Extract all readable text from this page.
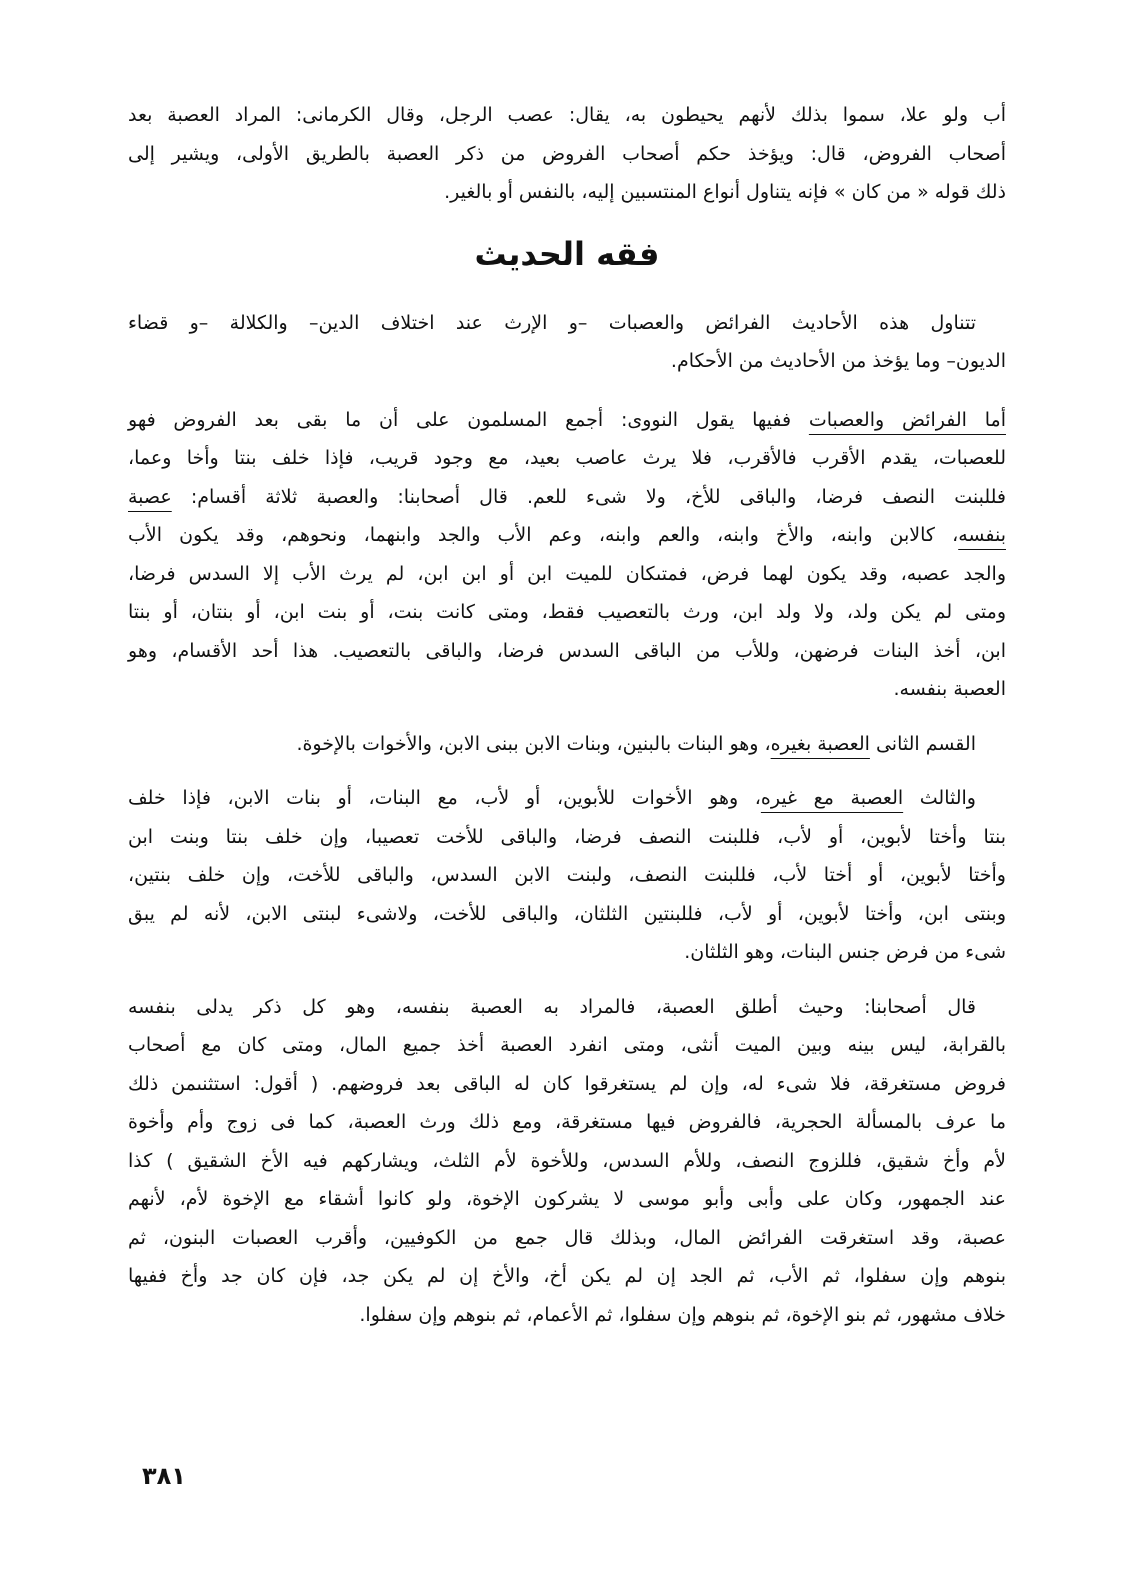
أب ولو علا، سموا بذلك لأنهم يحيطون به، يقال: عصب الرجل، وقال الكرمانى: المراد العصبة بعد
أصحاب الفروض، قال: ويؤخذ حكم أصحاب الفروض من ذكر العصبة بالطريق الأولى، ويشير إلى
ذلك قوله « من كان » فإنه يتناول أنواع المنتسبين إليه، بالنفس أو بالغير.
فقه الحديث
تتناول هذه الأحاديث الفرائض والعصبات –و الإرث عند اختلاف الدين– والكلالة –و قضاء
الديون– وما يؤخذ من الأحاديث من الأحكام.
أما الفرائض والعصبات ففيها يقول النووى: أجمع المسلمون على أن ما بقى بعد الفروض فهو
للعصبات، يقدم الأقرب فالأقرب، فلا يرث عاصب بعيد، مع وجود قريب، فإذا خلف بنتا وأخا وعما،
فللبنت النصف فرضا، والباقى للأخ، ولا شىء للعم. قال أصحابنا: والعصبة ثلاثة أقسام: عصبة
بنفسه، كالابن وابنه، والأخ وابنه، والعم وابنه، وعم الأب والجد وابنهما، ونحوهم، وقد يكون الأب
والجد عصبه، وقد يكون لهما فرض، فمتىكان للميت ابن أو ابن ابن، لم يرث الأب إلا السدس فرضا،
ومتى لم يكن ولد، ولا ولد ابن، ورث بالتعصيب فقط، ومتى كانت بنت، أو بنت ابن، أو بنتان، أو بنتا
ابن، أخذ البنات فرضهن، وللأب من الباقى السدس فرضا، والباقى بالتعصيب. هذا أحد الأقسام، وهو
العصبة بنفسه.
القسم الثانى العصبة بغيره، وهو البنات بالبنين، وبنات الابن ببنى الابن، والأخوات بالإخوة.
والثالث العصبة مع غيره، وهو الأخوات للأبوين، أو لأب، مع البنات، أو بنات الابن، فإذا خلف
بنتا وأختا لأبوين، أو لأب، فللبنت النصف فرضا، والباقى للأخت تعصيبا، وإن خلف بنتا وبنت ابن
وأختا لأبوين، أو أختا لأب، فللبنت النصف، ولبنت الابن السدس، والباقى للأخت، وإن خلف بنتين،
وبنتى ابن، وأختا لأبوين، أو لأب، فللبنتين الثلثان، والباقى للأخت، ولاشىء لبنتى الابن، لأنه لم يبق
شىء من فرض جنس البنات، وهو الثلثان.
قال أصحابنا: وحيث أطلق العصبة، فالمراد به العصبة بنفسه، وهو كل ذكر يدلى بنفسه
بالقرابة، ليس بينه وبين الميت أنثى، ومتى انفرد العصبة أخذ جميع المال، ومتى كان مع أصحاب
فروض مستغرقة، فلا شىء له، وإن لم يستغرقوا كان له الباقى بعد فروضهم. ( أقول: استثنىمن ذلك
ما عرف بالمسألة الحجرية، فالفروض فيها مستغرقة، ومع ذلك ورث العصبة، كما فى زوج وأم وأخوة
لأم وأخ شقيق، فللزوج النصف، وللأم السدس، وللأخوة لأم الثلث، ويشاركهم فيه الأخ الشقيق ) كذا
عند الجمهور، وكان على وأبى وأبو موسى لا يشركون الإخوة، ولو كانوا أشقاء مع الإخوة لأم، لأنهم
عصبة، وقد استغرقت الفرائض المال، وبذلك قال جمع من الكوفيين، وأقرب العصبات البنون، ثم
بنوهم وإن سفلوا، ثم الأب، ثم الجد إن لم يكن أخ، والأخ إن لم يكن جد، فإن كان جد وأخ ففيها
خلاف مشهور، ثم بنو الإخوة، ثم بنوهم وإن سفلوا، ثم الأعمام، ثم بنوهم وإن سفلوا.
٣٨١
